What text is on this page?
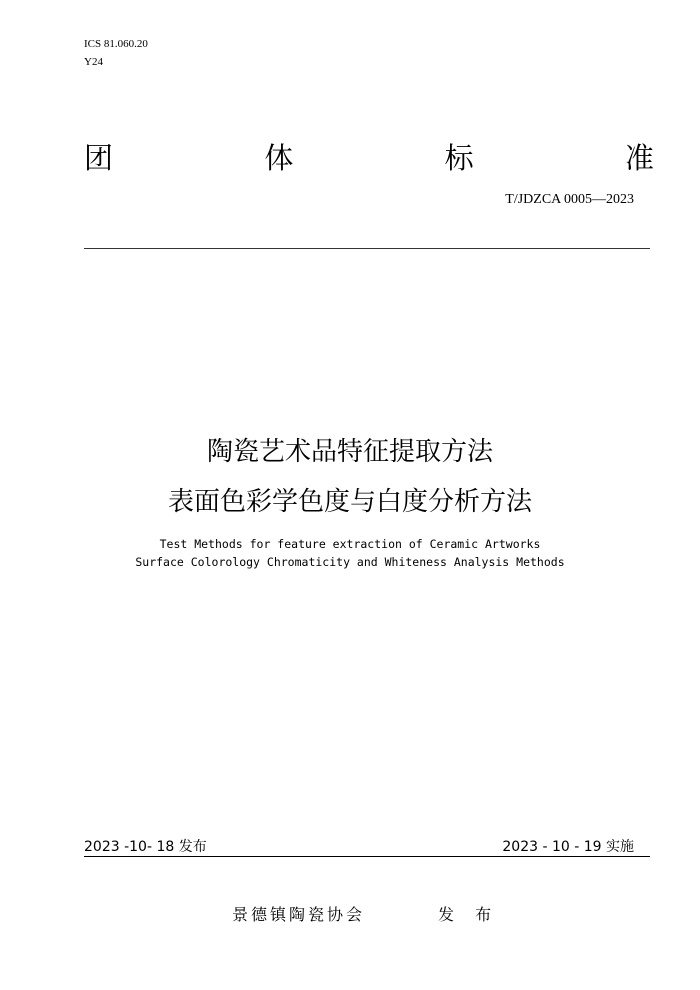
ICS 81.060.20
Y24
团	体	标	准
T/JDZCA 0005—2023
陶瓷艺术品特征提取方法
表面色彩学色度与白度分析方法
Test Methods for feature extraction of Ceramic Artworks
Surface Colorology Chromaticity and Whiteness Analysis Methods
2023 -10- 18 发布	2023 - 10 - 19 实施
景德镇陶瓷协会	发 布
